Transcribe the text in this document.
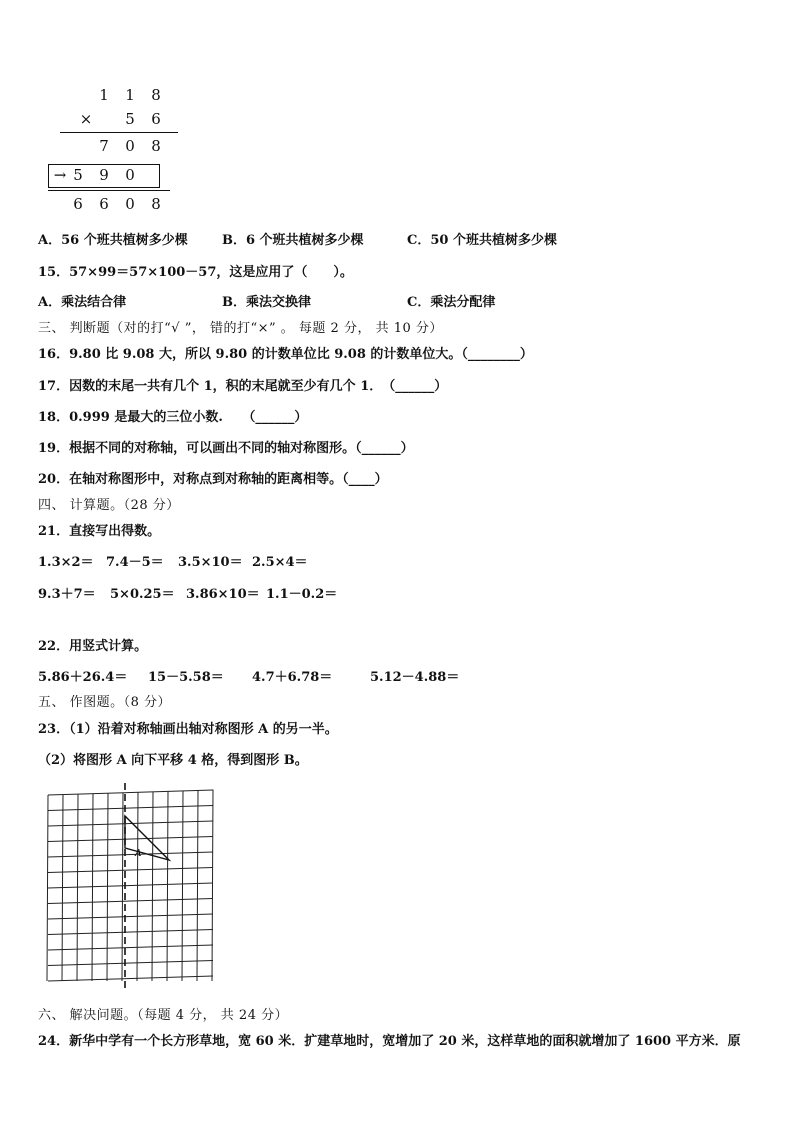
1 1 8
× 5 6
7 0 8
→ 5 9 0
6 6 0 8
A．56 个班共植树多少棵	B．6 个班共植树多少棵	C．50 个班共植树多少棵
15．57×99＝57×100－57，这是应用了（　　）。
A．乘法结合律	B．乘法交换律	C．乘法分配律
三、 判断题（对的打“√ ”， 错的打“×” 。 每题 2 分， 共 10 分）
16．9.80 比 9.08 大，所以 9.80 的计数单位比 9.08 的计数单位大。（________）
17．因数的末尾一共有几个 1，积的末尾就至少有几个 1．　（______）
18．0.999 是最大的三位小数.　　（______）
19．根据不同的对称轴，可以画出不同的轴对称图形。（______）
20．在轴对称图形中，对称点到对称轴的距离相等。（____）
四、 计算题。（28 分）
21．直接写出得数。
1.3×2＝ 7.4－5＝ 3.5×10＝ 2.5×4＝
9.3＋7＝ 5×0.25＝ 3.86×10＝ 1.1－0.2＝
22．用竖式计算。
5.86＋26.4＝ 15－5.58＝ 4.7＋6.78＝	5.12－4.88＝
五、 作图题。（8 分）
23．（1）沿着对称轴画出轴对称图形 A 的另一半。
（2）将图形 A 向下平移 4 格，得到图形 B。
A
六、 解决问题。（每题 4 分， 共 24 分）
24．新华中学有一个长方形草地，宽 60 米．扩建草地时，宽增加了 20 米，这样草地的面积就增加了 1600 平方米．原
